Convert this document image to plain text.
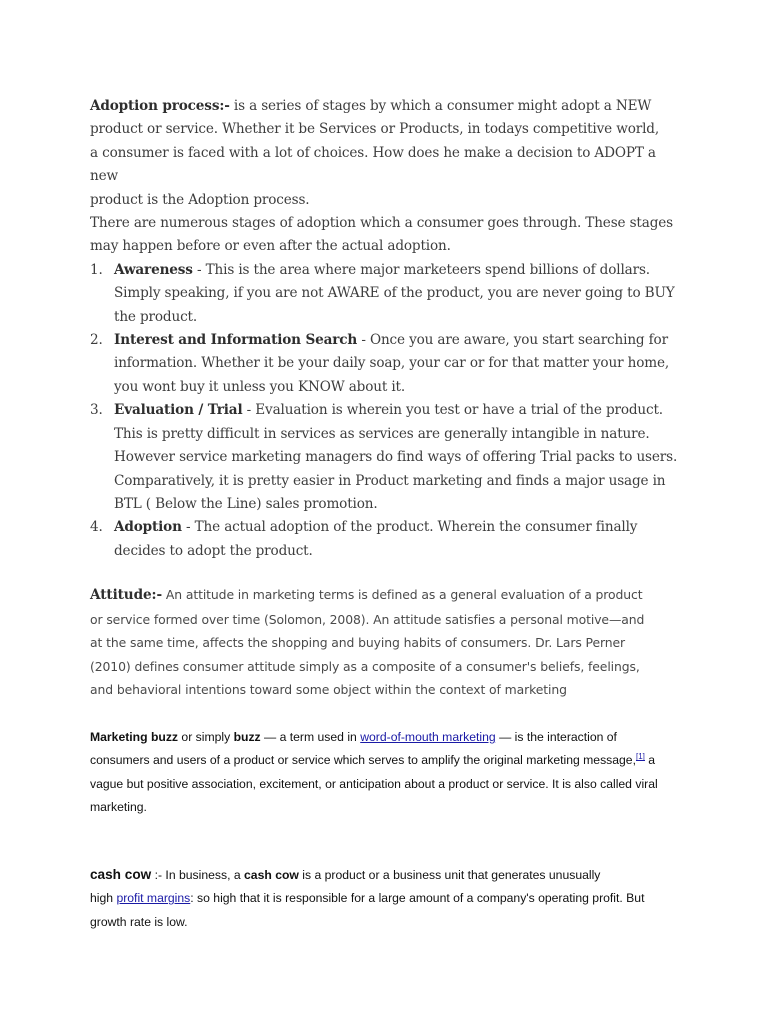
Adoption process:- is a series of stages by which a consumer might adopt a NEW
product or service. Whether it be Services or Products, in todays competitive world,
a consumer is faced with a lot of choices. How does he make a decision to ADOPT a new
product is the Adoption process.
There are numerous stages of adoption which a consumer goes through. These stages
may happen before or even after the actual adoption.

1. Awareness - This is the area where major marketeers spend billions of dollars.
Simply speaking, if you are not AWARE of the product, you are never going to BUY
the product.
2. Interest and Information Search - Once you are aware, you start searching for
information. Whether it be your daily soap, your car or for that matter your home,
you wont buy it unless you KNOW about it.
3. Evaluation / Trial - Evaluation is wherein you test or have a trial of the product.
This is pretty difficult in services as services are generally intangible in nature.
However service marketing managers do find ways of offering Trial packs to users.
Comparatively, it is pretty easier in Product marketing and finds a major usage in
BTL ( Below the Line) sales promotion.
4. Adoption - The actual adoption of the product. Wherein the consumer finally
decides to adopt the product.

Attitude:- An attitude in marketing terms is defined as a general evaluation of a product
or service formed over time (Solomon, 2008). An attitude satisfies a personal motive—and
at the same time, affects the shopping and buying habits of consumers. Dr. Lars Perner
(2010) defines consumer attitude simply as a composite of a consumer's beliefs, feelings,
and behavioral intentions toward some object within the context of marketing

Marketing buzz or simply buzz — a term used in word-of-mouth marketing — is the interaction of
consumers and users of a product or service which serves to amplify the original marketing message,[1] a
vague but positive association, excitement, or anticipation about a product or service. It is also called viral
marketing.

cash cow :- In business, a cash cow is a product or a business unit that generates unusually
high profit margins: so high that it is responsible for a large amount of a company's operating profit. But
growth rate is low.
